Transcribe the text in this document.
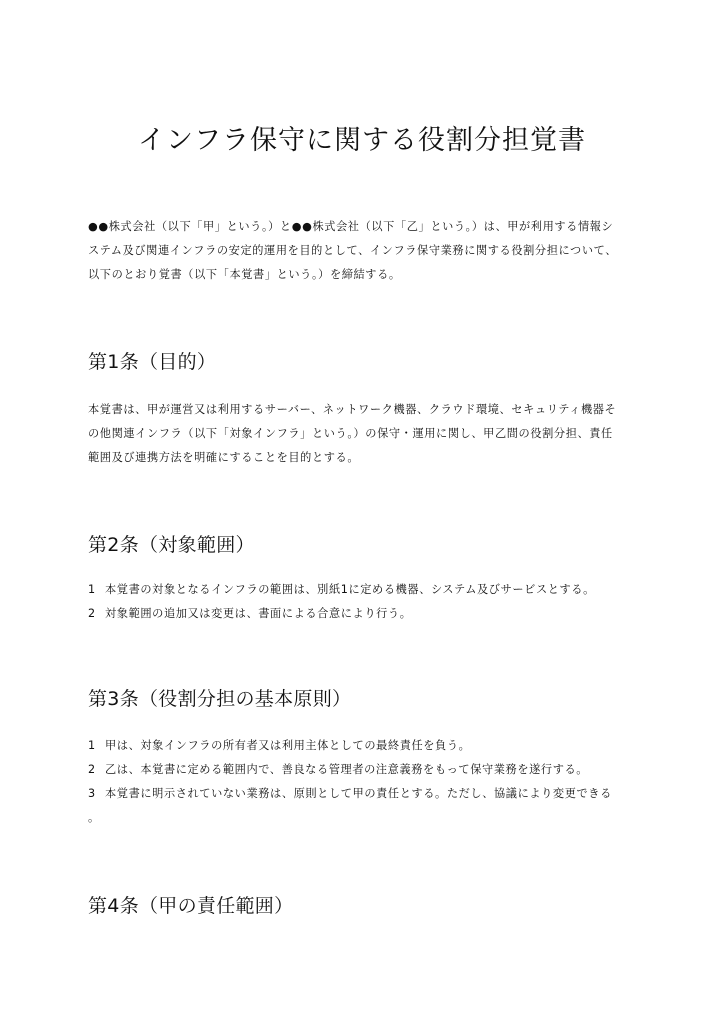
インフラ保守に関する役割分担覚書
●●株式会社（以下「甲」という。）と●●株式会社（以下「乙」という。）は、甲が利用する情報シ
ステム及び関連インフラの安定的運用を目的として、インフラ保守業務に関する役割分担について、
以下のとおり覚書（以下「本覚書」という。）を締結する。
第1条（目的）
本覚書は、甲が運営又は利用するサーバー、ネットワーク機器、クラウド環境、セキュリティ機器そ
の他関連インフラ（以下「対象インフラ」という。）の保守・運用に関し、甲乙間の役割分担、責任
範囲及び連携方法を明確にすることを目的とする。
第2条（対象範囲）
1 本覚書の対象となるインフラの範囲は、別紙1に定める機器、システム及びサービスとする。
2 対象範囲の追加又は変更は、書面による合意により行う。
第3条（役割分担の基本原則）
1 甲は、対象インフラの所有者又は利用主体としての最終責任を負う。
2 乙は、本覚書に定める範囲内で、善良なる管理者の注意義務をもって保守業務を遂行する。
3 本覚書に明示されていない業務は、原則として甲の責任とする。ただし、協議により変更できる
。
第4条（甲の責任範囲）
